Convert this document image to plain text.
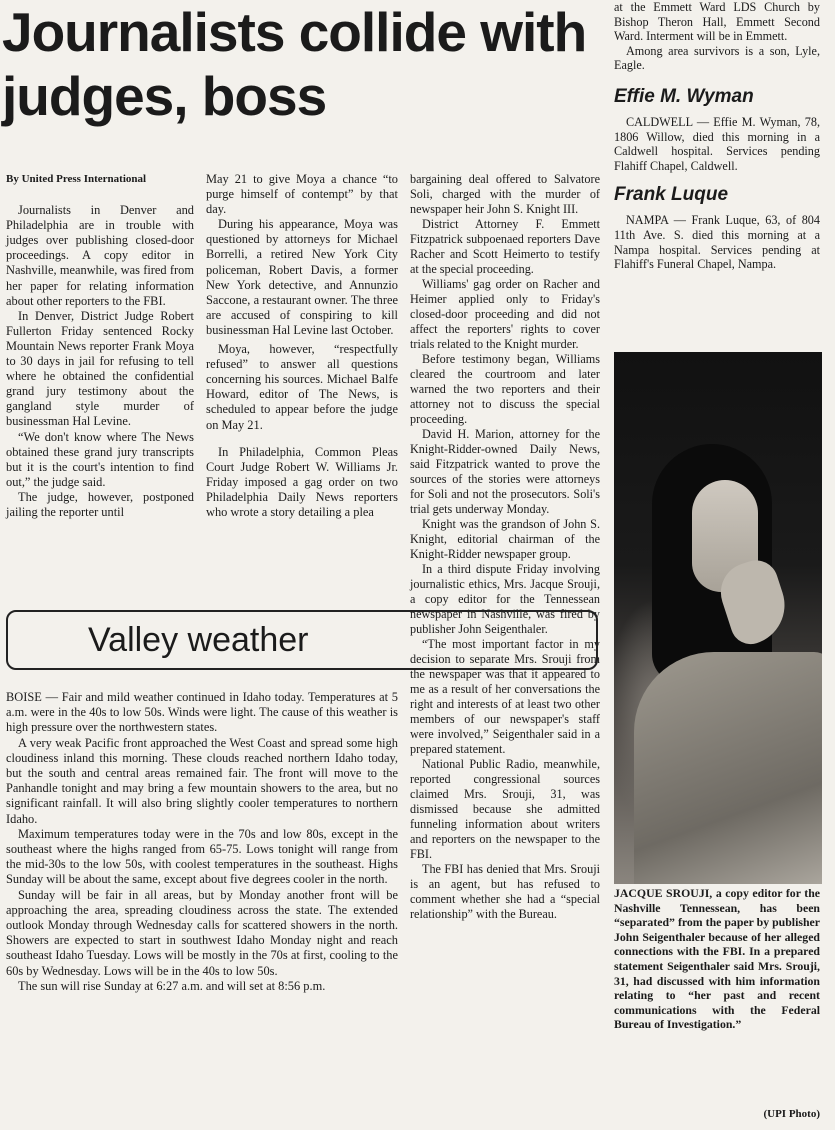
Journalists collide with judges, boss

By United Press International

Journalists in Denver and Philadelphia are in trouble with judges over publishing closed-door proceedings. A copy editor in Nashville, meanwhile, was fired from her paper for relating information about other reporters to the FBI.

In Denver, District Judge Robert Fullerton Friday sentenced Rocky Mountain News reporter Frank Moya to 30 days in jail for refusing to tell where he obtained the confidential grand jury testimony about the gangland style murder of businessman Hal Levine.

“We don't know where The News obtained these grand jury transcripts but it is the court's intention to find out,” the judge said.

The judge, however, postponed jailing the reporter until

May 21 to give Moya a chance “to purge himself of contempt” by that day.

During his appearance, Moya was questioned by attorneys for Michael Borrelli, a retired New York City policeman, Robert Davis, a former New York detective, and Annunzio Saccone, a restaurant owner. The three are accused of conspiring to kill businessman Hal Levine last October.

Moya, however, “respectfully refused” to answer all questions concerning his sources. Michael Balfe Howard, editor of The News, is scheduled to appear before the judge on May 21.

In Philadelphia, Common Pleas Court Judge Robert W. Williams Jr. Friday imposed a gag order on two Philadelphia Daily News reporters who wrote a story detailing a plea

bargaining deal offered to Salvatore Soli, charged with the murder of newspaper heir John S. Knight III.

District Attorney F. Emmett Fitzpatrick subpoenaed reporters Dave Racher and Scott Heimerto to testify at the special proceeding.

Williams' gag order on Racher and Heimer applied only to Friday's closed-door proceeding and did not affect the reporters' rights to cover trials related to the Knight murder.

Before testimony began, Williams cleared the courtroom and later warned the two reporters and their attorney not to discuss the special proceeding.

David H. Marion, attorney for the Knight-Ridder-owned Daily News, said Fitzpatrick wanted to prove the sources of the stories were attorneys for Soli and not the prosecutors. Soli's trial gets underway Monday.

Knight was the grandson of John S. Knight, editorial chairman of the Knight-Ridder newspaper group.

In a third dispute Friday involving journalistic ethics, Mrs. Jacque Srouji, a copy editor for the Tennessean newspaper in Nashville, was fired by publisher John Seigenthaler.

“The most important factor in my decision to separate Mrs. Srouji from the newspaper was that it appeared to me as a result of her conversations the right and interests of at least two other members of our newspaper's staff were involved,” Seigenthaler said in a prepared statement.

National Public Radio, meanwhile, reported congressional sources claimed Mrs. Srouji, 31, was dismissed because she admitted funneling information about writers and reporters on the newspaper to the FBI.

The FBI has denied that Mrs. Srouji is an agent, but has refused to comment whether she had a “special relationship” with the Bureau.

Valley weather

BOISE — Fair and mild weather continued in Idaho today. Temperatures at 5 a.m. were in the 40s to low 50s. Winds were light. The cause of this weather is high pressure over the northwestern states.

A very weak Pacific front approached the West Coast and spread some high cloudiness inland this morning. These clouds reached northern Idaho today, but the south and central areas remained fair. The front will move to the Panhandle tonight and may bring a few mountain showers to the area, but no significant rainfall. It will also bring slightly cooler temperatures to northern Idaho.

Maximum temperatures today were in the 70s and low 80s, except in the southeast where the highs ranged from 65-75. Lows tonight will range from the mid-30s to the low 50s, with coolest temperatures in the southeast. Highs Sunday will be about the same, except about five degrees cooler in the north.

Sunday will be fair in all areas, but by Monday another front will be approaching the area, spreading cloudiness across the state. The extended outlook Monday through Wednesday calls for scattered showers in the north. Showers are expected to start in southwest Idaho Monday night and reach southeast Idaho Tuesday. Lows will be mostly in the 70s at first, cooling to the 60s by Wednesday. Lows will be in the 40s to low 50s.

The sun will rise Sunday at 6:27 a.m. and will set at 8:56 p.m.

at the Emmett Ward LDS Church by Bishop Theron Hall, Emmett Second Ward. Interment will be in Emmett.

Among area survivors is a son, Lyle, Eagle.

Effie M. Wyman

CALDWELL — Effie M. Wyman, 78, 1806 Willow, died this morning in a Caldwell hospital. Services pending Flahiff Chapel, Caldwell.

Frank Luque

NAMPA — Frank Luque, 63, of 804 11th Ave. S. died this morning at a Nampa hospital. Services pending at Flahiff's Funeral Chapel, Nampa.

JACQUE SROUJI, a copy editor for the Nashville Tennessean, has been “separated” from the paper by publisher John Seigenthaler because of her alleged connections with the FBI. In a prepared statement Seigenthaler said Mrs. Srouji, 31, had discussed with him information relating to “her past and recent communications with the Federal Bureau of Investigation.”
(UPI Photo)
